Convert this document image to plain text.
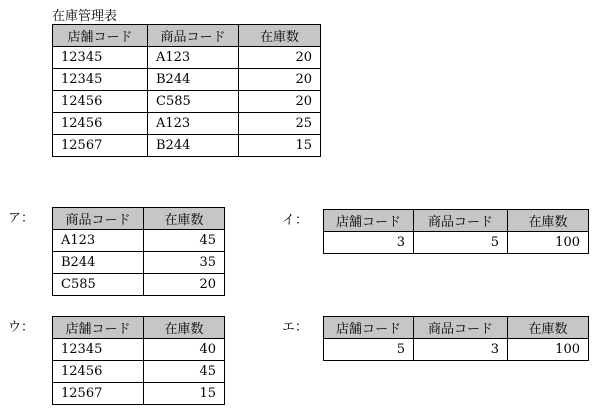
在庫管理表
店舗コード	商品コード	在庫数
12345	A123	20
12345	B244	20
12456	C585	20
12456	A123	25
12567	B244	15
ア： 商品コード	在庫数
A123	45
B244	35
C585	20
イ： 店舗コード	商品コード	在庫数
3	5	100
ウ： 店舗コード	在庫数
12345	40
12456	45
12567	15
エ： 店舗コード	商品コード	在庫数
5	3	100
